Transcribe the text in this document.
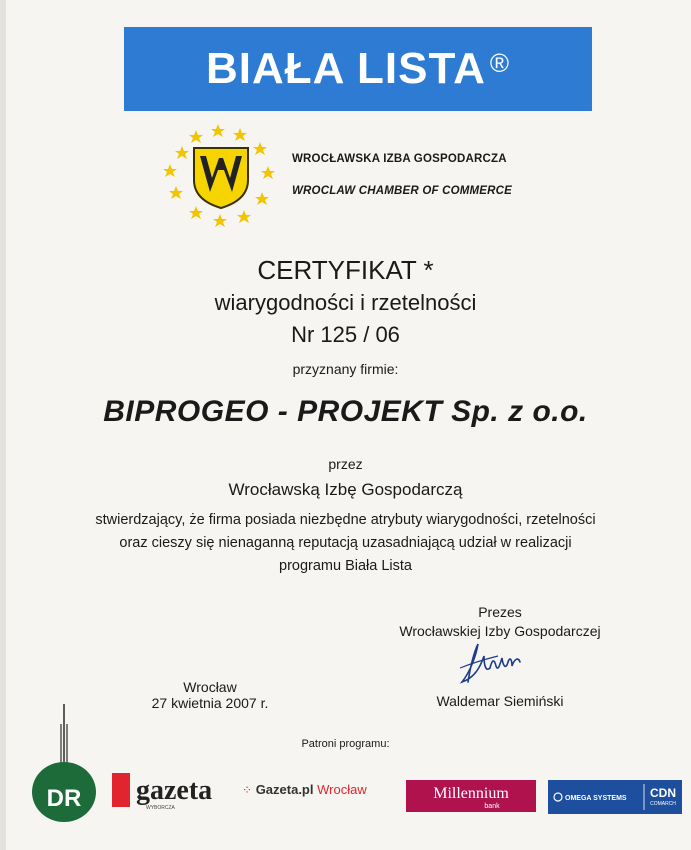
BIAŁA LISTA®
WROCŁAWSKA IZBA GOSPODARCZA
WROCLAW CHAMBER OF COMMERCE
CERTYFIKAT *
wiarygodności i rzetelności
Nr 125 / 06
przyznany firmie:
BIPROGEO - PROJEKT Sp. z o.o.
przez
Wrocławską Izbę Gospodarczą
stwierdzający, że firma posiada niezbędne atrybuty wiarygodności, rzetelności
oraz cieszy się nienaganną reputacją uzasadniającą udział w realizacji
programu Biała Lista
Prezes
Wrocławskiej Izby Gospodarczej
Waldemar Siemiński
Wrocław
27 kwietnia 2007 r.
Patroni programu:
DR gazeta
WYBORCZA
⁘ Gazeta.pl Wrocław	Millennium
bank
OMEGA SYSTEMS CDN
COMARCH
